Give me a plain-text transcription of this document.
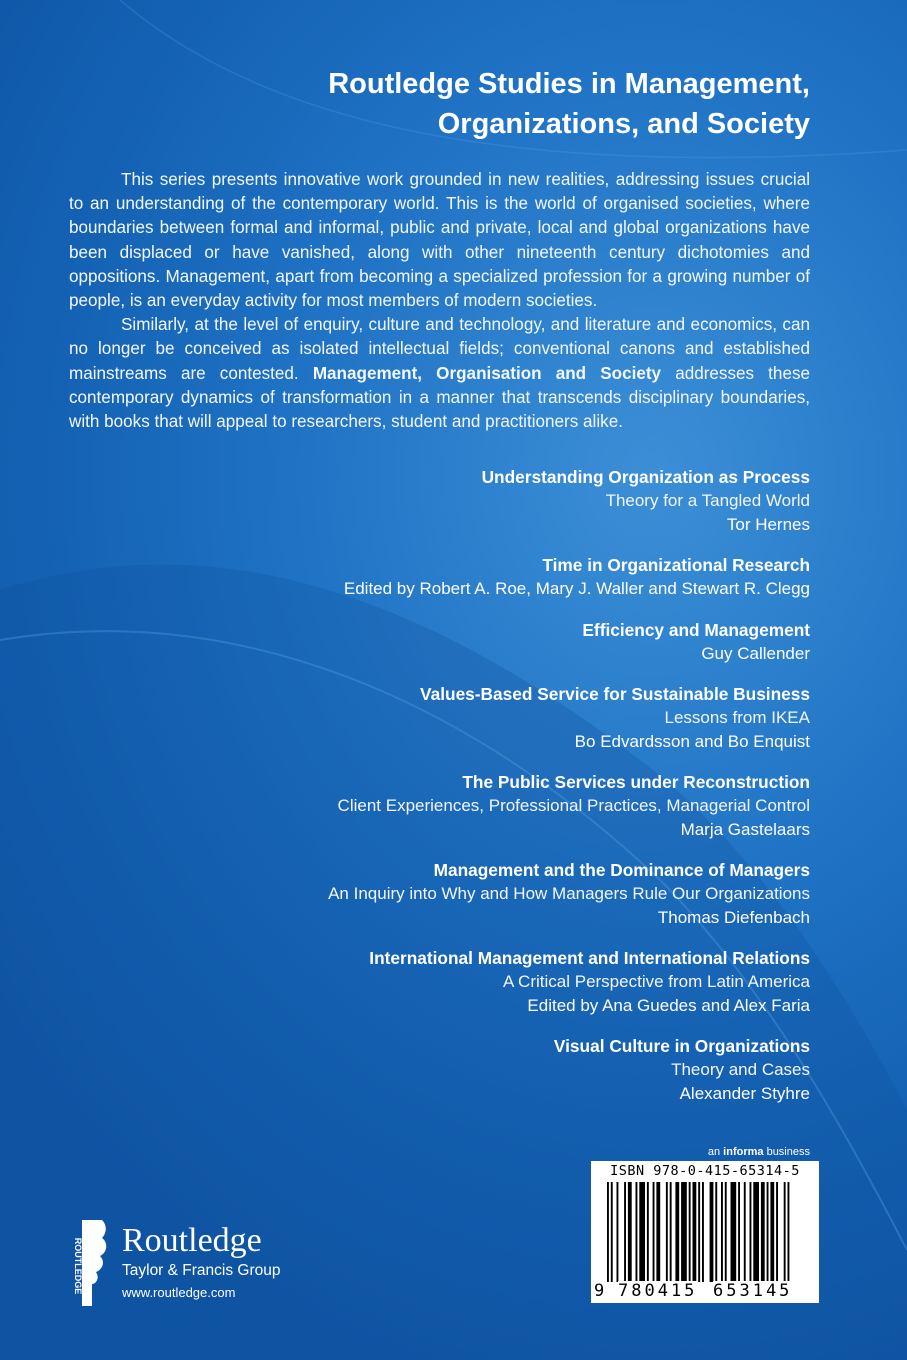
Routledge Studies in Management,
Organizations, and Society

This series presents innovative work grounded in new realities, addressing issues crucial to an understanding of the contemporary world. This is the world of organised societies, where boundaries between formal and informal, public and private, local and global organizations have been displaced or have vanished, along with other nineteenth century dichotomies and oppositions. Management, apart from becoming a specialized profession for a growing number of people, is an everyday activity for most members of modern societies.

Similarly, at the level of enquiry, culture and technology, and literature and economics, can no longer be conceived as isolated intellectual fields; conventional canons and established mainstreams are contested. Management, Organisation and Society addresses these contemporary dynamics of transformation in a manner that transcends disciplinary boundaries, with books that will appeal to researchers, student and practitioners alike.

Understanding Organization as Process
Theory for a Tangled World
Tor Hernes
Time in Organizational Research
Edited by Robert A. Roe, Mary J. Waller and Stewart R. Clegg
Efficiency and Management
Guy Callender
Values-Based Service for Sustainable Business
Lessons from IKEA
Bo Edvardsson and Bo Enquist
The Public Services under Reconstruction
Client Experiences, Professional Practices, Managerial Control
Marja Gastelaars
Management and the Dominance of Managers
An Inquiry into Why and How Managers Rule Our Organizations
Thomas Diefenbach
International Management and International Relations
A Critical Perspective from Latin America
Edited by Ana Guedes and Alex Faria
Visual Culture in Organizations
Theory and Cases
Alexander Styhre
an informa business
ISBN 978-0-415-65314-5
9 780415 653145
ROUTLEDGE Routledge
Taylor & Francis Group
www.routledge.com
